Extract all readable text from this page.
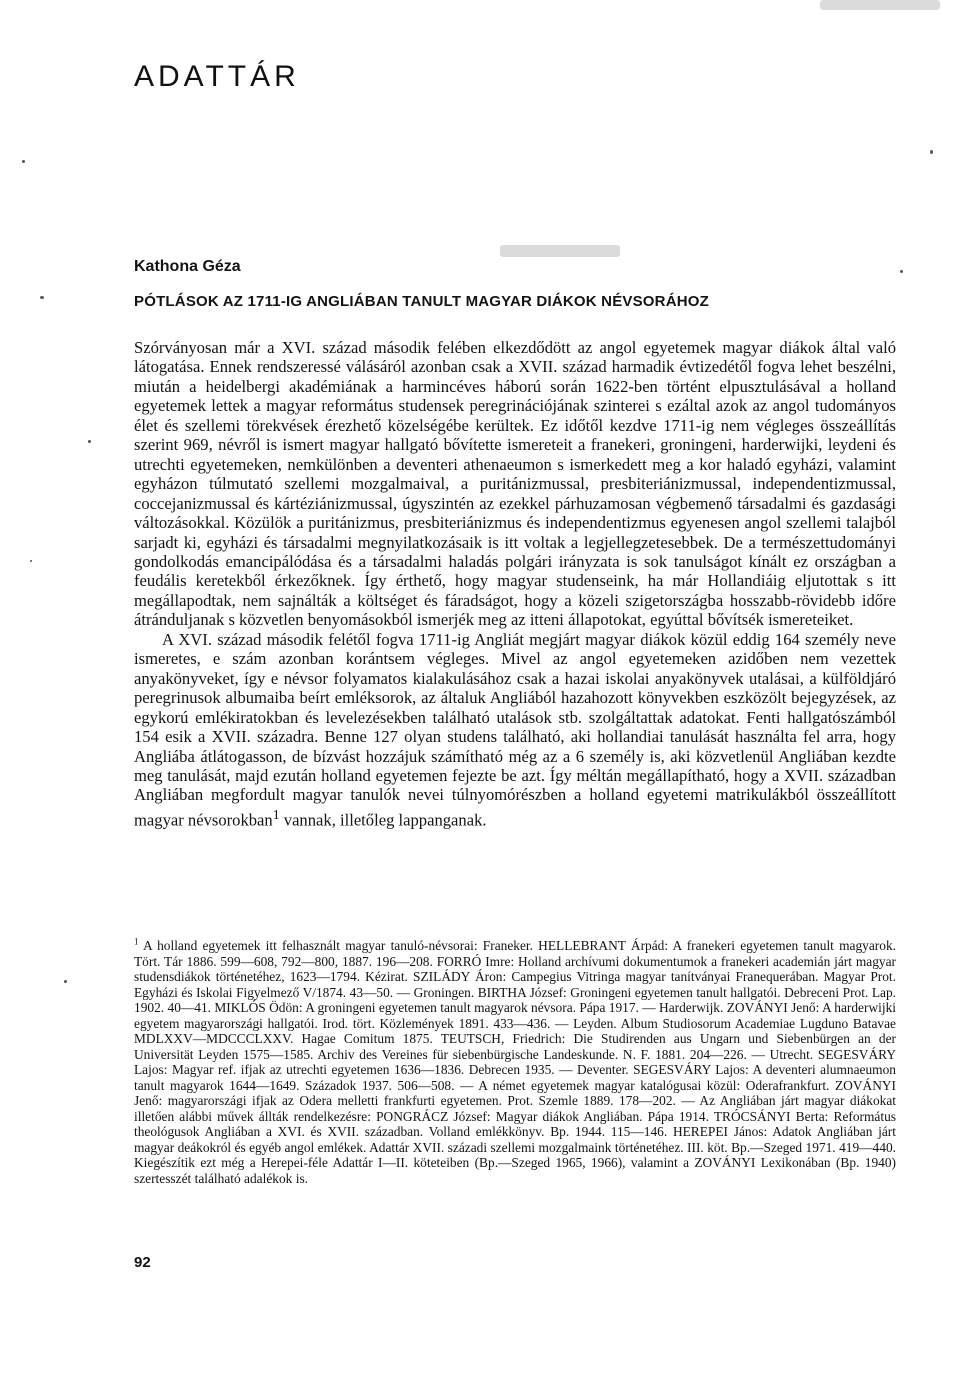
ADATTÁR

Kathona Géza

PÓTLÁSOK AZ 1711-IG ANGLIÁBAN TANULT MAGYAR DIÁKOK NÉVSORÁHOZ

Szórványosan már a XVI. század második felében elkezdődött az angol egyetemek magyar diákok által való látogatása. Ennek rendszeressé válásáról azonban csak a XVII. század harmadik évtizedétől fogva lehet beszélni, miután a heidelbergi akadémiának a harmincéves háború során 1622-ben történt elpusztulásával a holland egyetemek lettek a magyar református studensek peregrinációjának szinterei s ezáltal azok az angol tudományos élet és szellemi törekvések érezhető közelségébe kerültek. Ez időtől kezdve 1711-ig nem végleges összeállítás szerint 969, névről is ismert magyar hallgató bővítette ismereteit a franekeri, groningeni, harderwijki, leydeni és utrechti egyetemeken, nemkülönben a deventeri athenaeumon s ismerkedett meg a kor haladó egyházi, valamint egyházon túlmutató szellemi mozgalmaival, a puritánizmussal, presbiteriánizmussal, independentizmussal, coccejanizmussal és kártéziánizmussal, úgyszintén az ezekkel párhuzamosan végbemenő társadalmi és gazdasági változásokkal. Közülök a puritánizmus, presbiteriánizmus és independentizmus egyenesen angol szellemi talajból sarjadt ki, egyházi és társadalmi megnyilatkozásaik is itt voltak a legjellegzetesebbek. De a természettudományi gondolkodás emancipálódása és a társadalmi haladás polgári irányzata is sok tanulságot kínált ez országban a feudális keretekből érkezőknek. Így érthető, hogy magyar studenseink, ha már Hollandiáig eljutottak s itt megállapodtak, nem sajnálták a költséget és fáradságot, hogy a közeli szigetországba hosszabb-rövidebb időre átránduljanak s közvetlen benyomásokból ismerjék meg az itteni állapotokat, egyúttal bővítsék ismereteiket.

A XVI. század második felétől fogva 1711-ig Angliát megjárt magyar diákok közül eddig 164 személy neve ismeretes, e szám azonban korántsem végleges. Mivel az angol egyetemeken azidőben nem vezettek anyakönyveket, így e névsor folyamatos kialakulásához csak a hazai iskolai anyakönyvek utalásai, a külföldjáró peregrinusok albumaiba beírt emléksorok, az általuk Angliából hazahozott könyvekben eszközölt bejegyzések, az egykorú emlékiratokban és levelezésekben található utalások stb. szolgáltattak adatokat. Fenti hallgatószámból 154 esik a XVII. századra. Benne 127 olyan studens található, aki hollandiai tanulását használta fel arra, hogy Angliába átlátogasson, de bízvást hozzájuk számítható még az a 6 személy is, aki közvetlenül Angliában kezdte meg tanulását, majd ezután holland egyetemen fejezte be azt. Így méltán megállapítható, hogy a XVII. században Angliában megfordult magyar tanulók nevei túlnyomórészben a holland egyetemi matrikulákból összeállított magyar névsorokban$^1$ vannak, illetőleg lappanganak.

$^1$ A holland egyetemek itt felhasznált magyar tanuló-névsorai: Franeker. HELLEBRANT Árpád: A franekeri egyetemen tanult magyarok. Tört. Tár 1886. 599—608, 792—800, 1887. 196—208. FORRÓ Imre: Holland archívumi dokumentumok a franekeri academián járt magyar studensdiákok történetéhez, 1623—1794. Kézirat. SZILÁDY Áron: Campegius Vitringa magyar tanítványai Franequerában. Magyar Prot. Egyházi és Iskolai Figyelmező V/1874. 43—50. — Groningen. BIRTHA József: Groningeni egyetemen tanult hallgatói. Debreceni Prot. Lap. 1902. 40—41. MIKLÓS Ödön: A groningeni egyetemen tanult magyarok névsora. Pápa 1917. — Harderwijk. ZOVÁNYI Jenő: A harderwijki egyetem magyarországi hallgatói. Irod. tört. Közlemények 1891. 433—436. — Leyden. Album Studiosorum Academiae Lugduno Batavae MDLXXV—MDCCCLXXV. Hagae Comitum 1875. TEUTSCH, Friedrich: Die Studirenden aus Ungarn und Siebenbürgen an der Universität Leyden 1575—1585. Archiv des Vereines für siebenbürgische Landeskunde. N. F. 1881. 204—226. — Utrecht. SEGESVÁRY Lajos: Magyar ref. ifjak az utrechti egyetemen 1636—1836. Debrecen 1935. — Deventer. SEGESVÁRY Lajos: A deventeri alumnaeumon tanult magyarok 1644—1649. Századok 1937. 506—508. — A német egyetemek magyar katalógusai közül: Oderafrankfurt. ZOVÁNYI Jenő: magyarországi ifjak az Odera melletti frankfurti egyetemen. Prot. Szemle 1889. 178—202. — Az Angliában járt magyar diákokat illetően alábbi művek állták rendelkezésre: PONGRÁCZ József: Magyar diákok Angliában. Pápa 1914. TRÓCSÁNYI Berta: Református theológusok Angliában a XVI. és XVII. században. Volland emlékkönyv. Bp. 1944. 115—146. HEREPEI János: Adatok Angliában járt magyar deákokról és egyéb angol emlékek. Adattár XVII. századi szellemi mozgalmaink történetéhez. III. köt. Bp.—Szeged 1971. 419—440. Kiegészítik ezt még a Herepei-féle Adattár I—II. köteteiben (Bp.—Szeged 1965, 1966), valamint a ZOVÁNYI Lexikonában (Bp. 1940) szertesszét található adalékok is.

92
